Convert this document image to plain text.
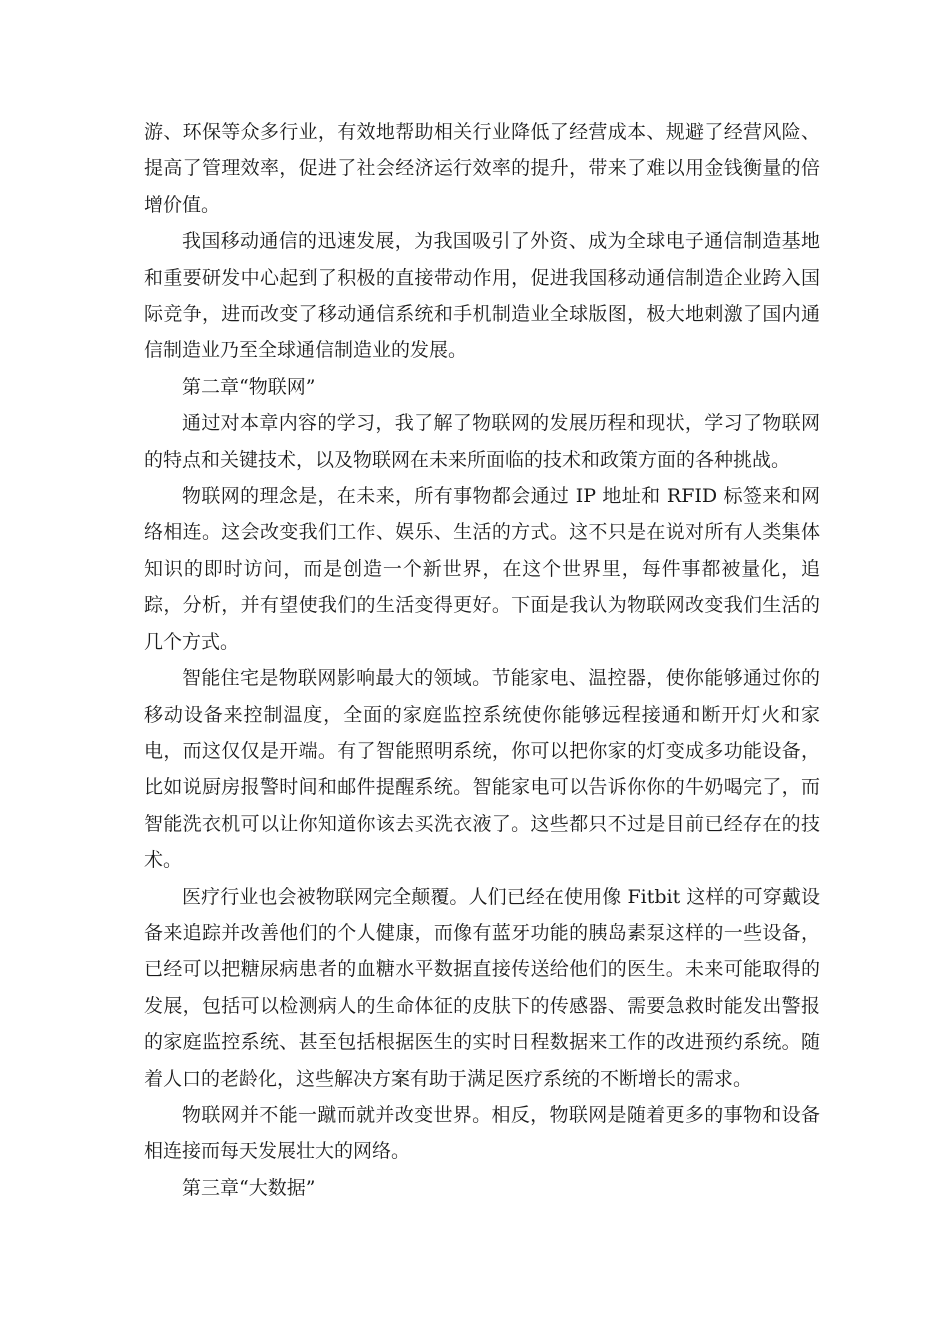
游、环保等众多行业，有效地帮助相关行业降低了经营成本、规避了经营风险、提高了管理效率，促进了社会经济运行效率的提升，带来了难以用金钱衡量的倍增价值。

我国移动通信的迅速发展，为我国吸引了外资、成为全球电子通信制造基地和重要研发中心起到了积极的直接带动作用，促进我国移动通信制造企业跨入国际竞争，进而改变了移动通信系统和手机制造业全球版图，极大地刺激了国内通信制造业乃至全球通信制造业的发展。

第二章“物联网”

通过对本章内容的学习，我了解了物联网的发展历程和现状，学习了物联网的特点和关键技术，以及物联网在未来所面临的技术和政策方面的各种挑战。

物联网的理念是，在未来，所有事物都会通过 IP 地址和 RFID 标签来和网络相连。这会改变我们工作、娱乐、生活的方式。这不只是在说对所有人类集体知识的即时访问，而是创造一个新世界，在这个世界里，每件事都被量化，追踪，分析，并有望使我们的生活变得更好。下面是我认为物联网改变我们生活的几个方式。

智能住宅是物联网影响最大的领域。节能家电、温控器，使你能够通过你的移动设备来控制温度，全面的家庭监控系统使你能够远程接通和断开灯火和家电，而这仅仅是开端。有了智能照明系统，你可以把你家的灯变成多功能设备，比如说厨房报警时间和邮件提醒系统。智能家电可以告诉你你的牛奶喝完了，而智能洗衣机可以让你知道你该去买洗衣液了。这些都只不过是目前已经存在的技术。

医疗行业也会被物联网完全颠覆。人们已经在使用像 Fitbit 这样的可穿戴设备来追踪并改善他们的个人健康，而像有蓝牙功能的胰岛素泵这样的一些设备，已经可以把糖尿病患者的血糖水平数据直接传送给他们的医生。未来可能取得的发展，包括可以检测病人的生命体征的皮肤下的传感器、需要急救时能发出警报的家庭监控系统、甚至包括根据医生的实时日程数据来工作的改进预约系统。随着人口的老龄化，这些解决方案有助于满足医疗系统的不断增长的需求。

物联网并不能一蹴而就并改变世界。相反，物联网是随着更多的事物和设备相连接而每天发展壮大的网络。

第三章“大数据”
